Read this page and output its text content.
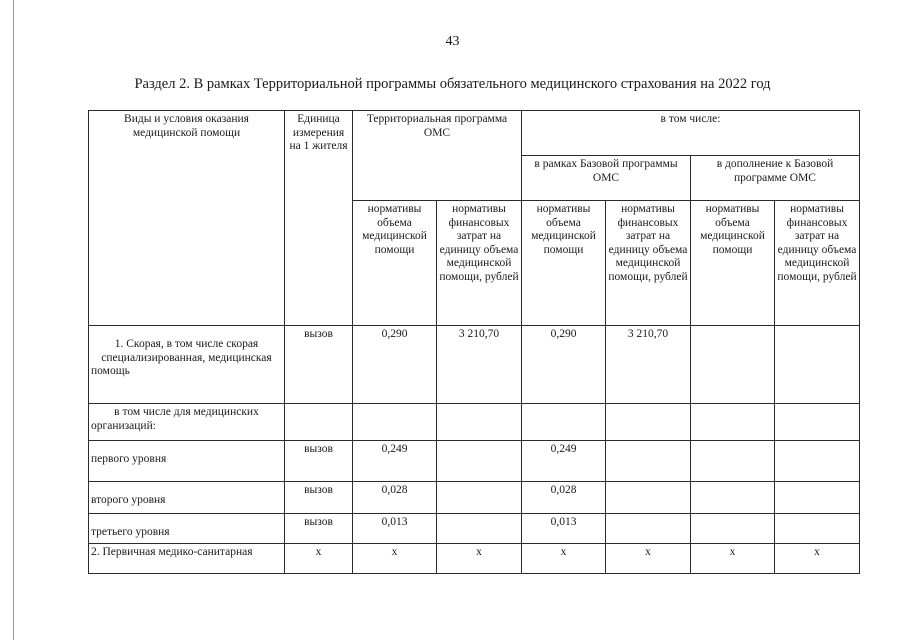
43
Раздел 2. В рамках Территориальной программы обязательного медицинского страхования на 2022 год
Виды и условия оказания медицинской помощи	Единица измерения на 1 жителя	Территориальная программа ОМС		в том числе:			
				в рамках Базовой программы ОМС		в дополнение к Базовой программе ОМС	
		нормативы объема медицинской помощи	нормативы финансовых затрат на единицу объема медицинской помощи, рублей	нормативы объема медицинской помощи	нормативы финансовых затрат на единицу объема медицинской помощи, рублей	нормативы объема медицинской помощи	нормативы финансовых затрат на единицу объема медицинской помощи, рублей
1. Скорая, в том числе скорая специализированная, медицинская помощь	вызов	0,290	3 210,70	0,290	3 210,70		
в том числе для медицинских организаций:							
первого уровня	вызов	0,249		0,249			
второго уровня	вызов	0,028		0,028			
третьего уровня	вызов	0,013		0,013			
2. Первичная медико-санитарная	х	х	х	х	х	х	х
